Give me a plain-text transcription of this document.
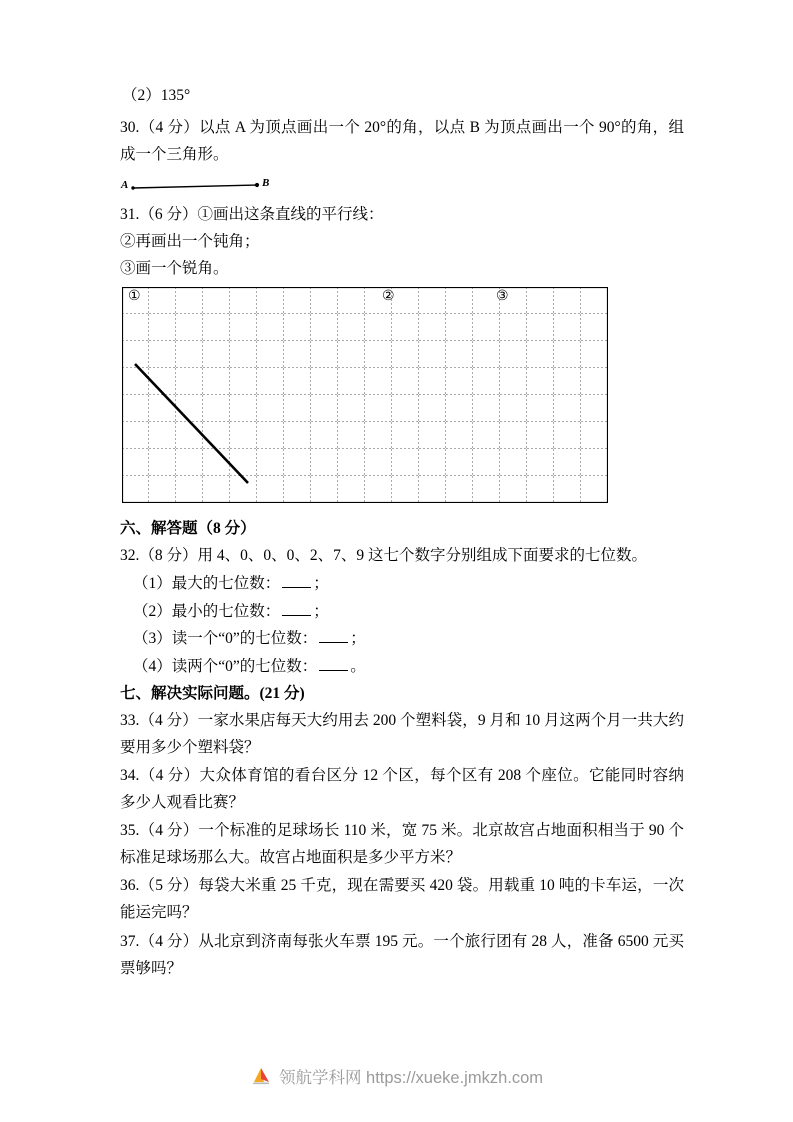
（2）135°
30.（4 分）以点 A 为顶点画出一个 20°的角，以点 B 为顶点画出一个 90°的角，组成一个三角形。
A	B
31.（6 分）①画出这条直线的平行线：
②再画出一个钝角；
③画一个锐角。
①	②	③
六、解答题（8 分）
32.（8 分）用 4、0、0、0、2、7、9 这七个数字分别组成下面要求的七位数。
（1）最大的七位数： ；
（2）最小的七位数： ；
（3）读一个“0”的七位数： ；
（4）读两个“0”的七位数： 。
七、解决实际问题。(21 分)
33.（4 分）一家水果店每天大约用去 200 个塑料袋，9 月和 10 月这两个月一共大约要用多少个塑料袋？
34.（4 分）大众体育馆的看台区分 12 个区，每个区有 208 个座位。它能同时容纳多少人观看比赛？
35.（4 分）一个标准的足球场长 110 米，宽 75 米。北京故宫占地面积相当于 90 个标准足球场那么大。故宫占地面积是多少平方米？
36.（5 分）每袋大米重 25 千克，现在需要买 420 袋。用载重 10 吨的卡车运，一次能运完吗？
37.（4 分）从北京到济南每张火车票 195 元。一个旅行团有 28 人，准备 6500 元买票够吗？
领航学科网 https://xueke.jmkzh.com
